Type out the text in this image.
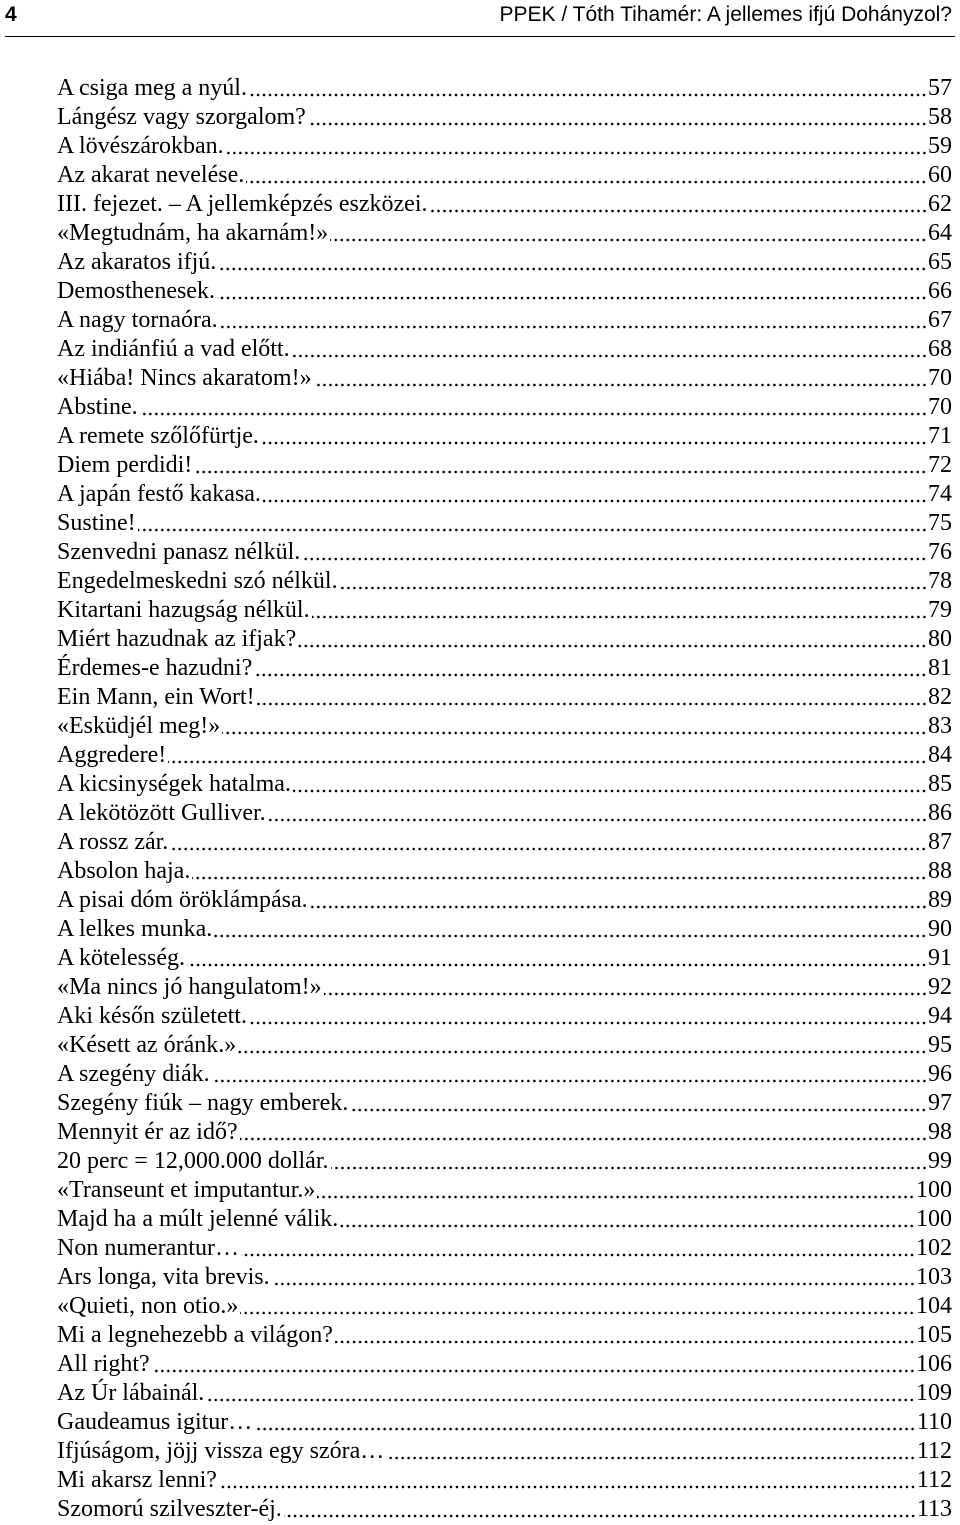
4	PPEK / Tóth Tihamér: A jellemes ifjú Dohányzol?
A csiga meg a nyúl.	57
Lángész vagy szorgalom?	58
A lövészárokban.	59
Az akarat nevelése.	60
III. fejezet. – A jellemképzés eszközei.	62
«Megtudnám, ha akarnám!»	64
Az akaratos ifjú.	65
Demosthenesek.	66
A nagy tornaóra.	67
Az indiánfiú a vad előtt.	68
«Hiába! Nincs akaratom!»	70
Abstine.	70
A remete szőlőfürtje.	71
Diem perdidi!	72
A japán festő kakasa.	74
Sustine!	75
Szenvedni panasz nélkül.	76
Engedelmeskedni szó nélkül.	78
Kitartani hazugság nélkül.	79
Miért hazudnak az ifjak?	80
Érdemes-e hazudni?	81
Ein Mann, ein Wort!	82
«Esküdjél meg!»	83
Aggredere!	84
A kicsinységek hatalma.	85
A lekötözött Gulliver.	86
A rossz zár.	87
Absolon haja.	88
A pisai dóm öröklámpása.	89
A lelkes munka.	90
A kötelesség.	91
«Ma nincs jó hangulatom!»	92
Aki későn született.	94
«Késett az óránk.»	95
A szegény diák.	96
Szegény fiúk – nagy emberek.	97
Mennyit ér az idő?	98
20 perc = 12,000.000 dollár.	99
«Transeunt et imputantur.»	100
Majd ha a múlt jelenné válik.	100
Non numerantur…	102
Ars longa, vita brevis.	103
«Quieti, non otio.»	104
Mi a legnehezebb a világon?	105
All right?	106
Az Úr lábainál.	109
Gaudeamus igitur…	110
Ifjúságom, jöjj vissza egy szóra…	112
Mi akarsz lenni?	112
Szomorú szilveszter-éj.	113
